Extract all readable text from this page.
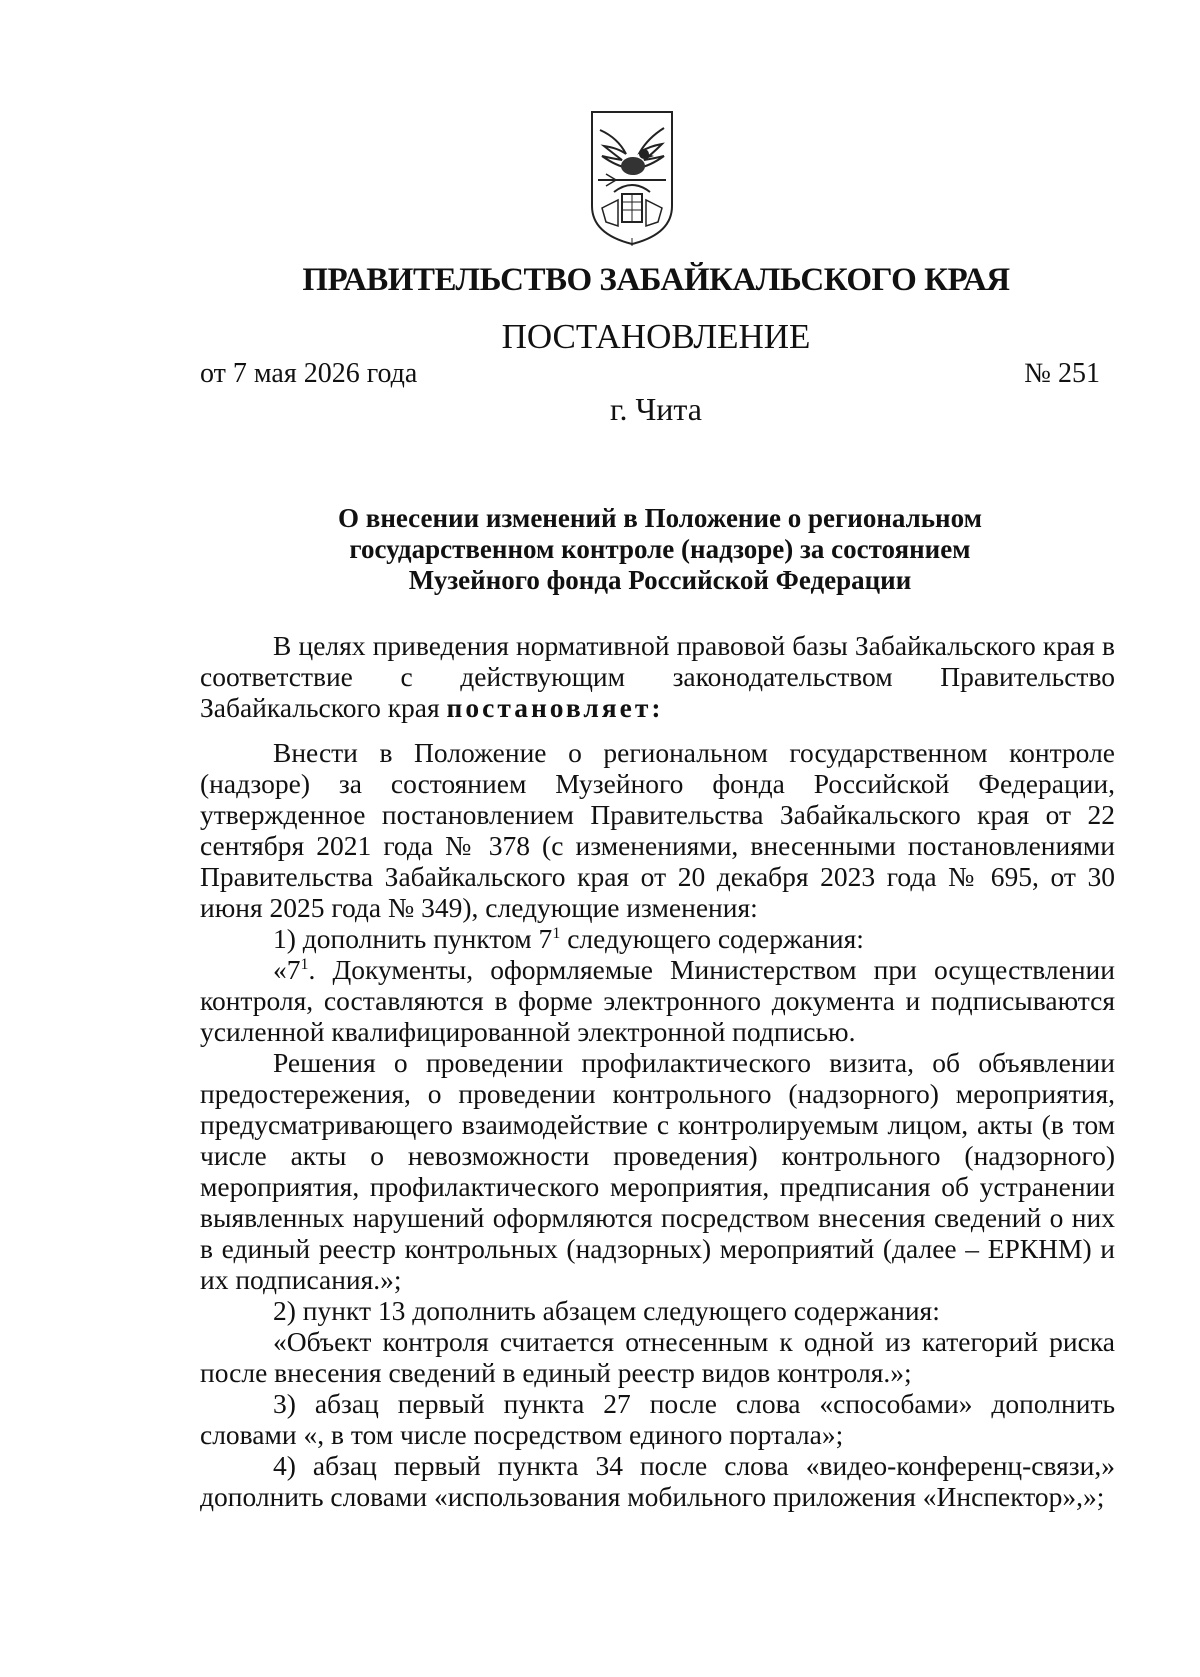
ПРАВИТЕЛЬСТВО ЗАБАЙКАЛЬСКОГО КРАЯ
ПОСТАНОВЛЕНИЕ
от 7 мая 2026 года	№ 251
г. Чита
О внесении изменений в Положение о региональном
государственном контроле (надзоре) за состоянием
Музейного фонда Российской Федерации

В целях приведения нормативной правовой базы Забайкальского края в соответствие с действующим законодательством Правительство Забайкальского края постановляет:

Внести в Положение о региональном государственном контроле (надзоре) за состоянием Музейного фонда Российской Федерации, утвержденное постановлением Правительства Забайкальского края от 22 сентября 2021 года № 378 (с изменениями, внесенными постановлениями Правительства Забайкальского края от 20 декабря 2023 года № 695, от 30 июня 2025 года № 349), следующие изменения:

1) дополнить пунктом $7^1$ следующего содержания:

«$7^1$. Документы, оформляемые Министерством при осуществлении контроля, составляются в форме электронного документа и подписываются усиленной квалифицированной электронной подписью.

Решения о проведении профилактического визита, об объявлении предостережения, о проведении контрольного (надзорного) мероприятия, предусматривающего взаимодействие с контролируемым лицом, акты (в том числе акты о невозможности проведения) контрольного (надзорного) мероприятия, профилактического мероприятия, предписания об устранении выявленных нарушений оформляются посредством внесения сведений о них в единый реестр контрольных (надзорных) мероприятий (далее – ЕРКНМ) и их подписания.»;

2) пункт 13 дополнить абзацем следующего содержания:

«Объект контроля считается отнесенным к одной из категорий риска после внесения сведений в единый реестр видов контроля.»;

3) абзац первый пункта 27 после слова «способами» дополнить словами «, в том числе посредством единого портала»;

4) абзац первый пункта 34 после слова «видео-конференц-связи,» дополнить словами «использования мобильного приложения «Инспектор»,»;
